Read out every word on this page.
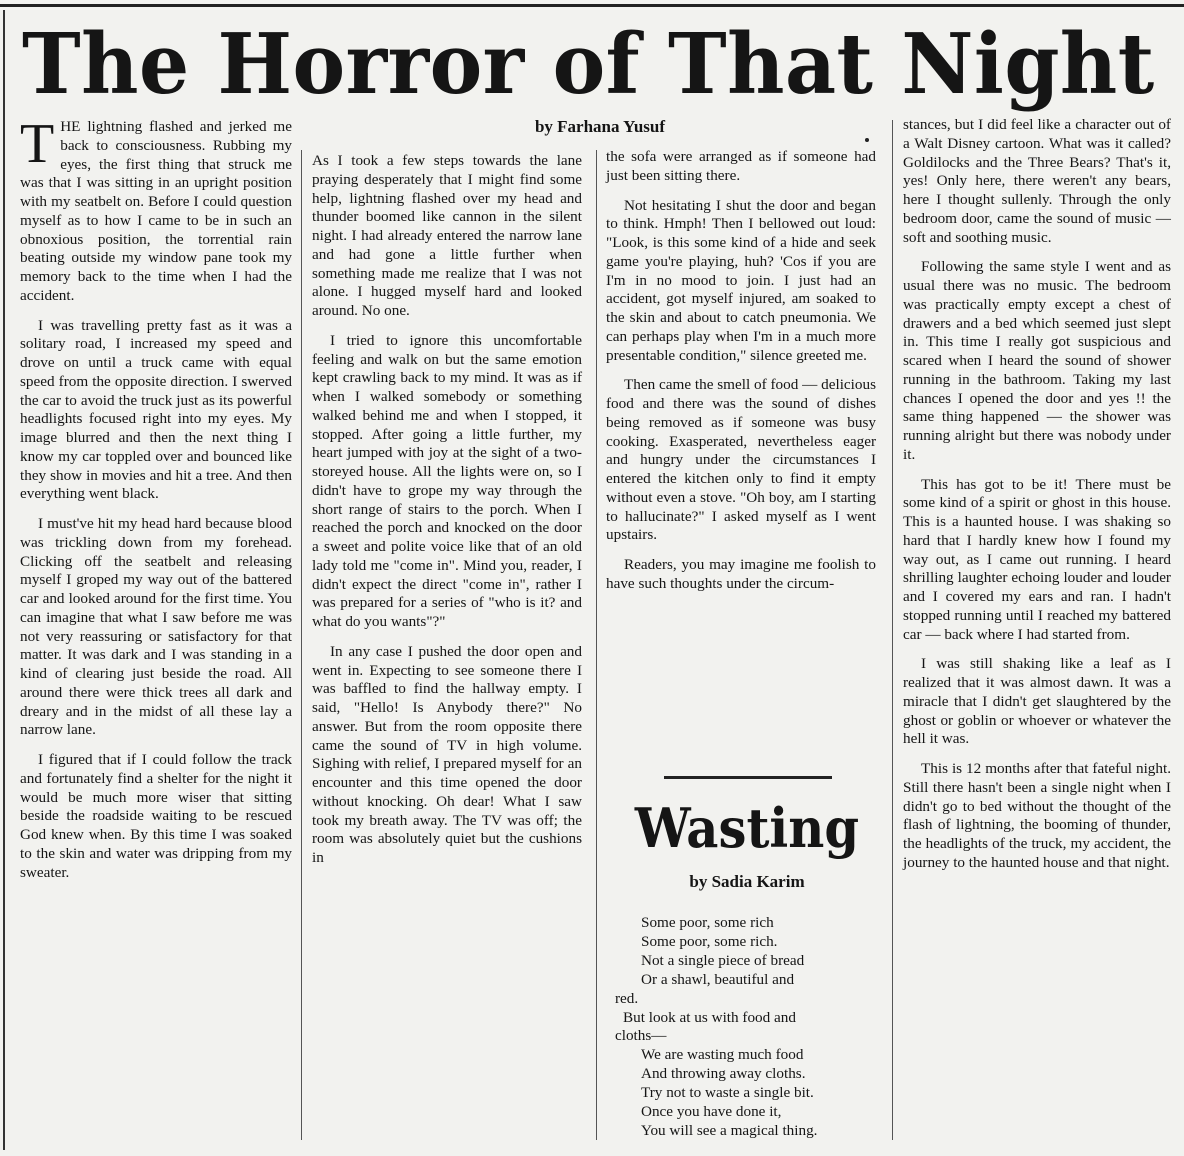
The Horror of That Night
by Farhana Yusuf

THE lightning flashed and jerked me back to consciousness. Rubbing my eyes, the first thing that struck me was that I was sitting in an upright position with my seatbelt on. Before I could question myself as to how I came to be in such an obnoxious position, the torrential rain beating outside my window pane took my memory back to the time when I had the accident.

I was travelling pretty fast as it was a solitary road, I increased my speed and drove on until a truck came with equal speed from the opposite direction. I swerved the car to avoid the truck just as its powerful headlights focused right into my eyes. My image blurred and then the next thing I know my car toppled over and bounced like they show in movies and hit a tree. And then everything went black.

I must've hit my head hard because blood was trickling down from my forehead. Clicking off the seatbelt and releasing myself I groped my way out of the battered car and looked around for the first time. You can imagine that what I saw before me was not very reassuring or satisfactory for that matter. It was dark and I was standing in a kind of clearing just beside the road. All around there were thick trees all dark and dreary and in the midst of all these lay a narrow lane.

I figured that if I could follow the track and fortunately find a shelter for the night it would be much more wiser that sitting beside the roadside waiting to be rescued God knew when. By this time I was soaked to the skin and water was dripping from my sweater.

As I took a few steps towards the lane praying desperately that I might find some help, lightning flashed over my head and thunder boomed like cannon in the silent night. I had already entered the narrow lane and had gone a little further when something made me realize that I was not alone. I hugged myself hard and looked around. No one.

I tried to ignore this uncomfortable feeling and walk on but the same emotion kept crawling back to my mind. It was as if when I walked somebody or something walked behind me and when I stopped, it stopped. After going a little further, my heart jumped with joy at the sight of a two-storeyed house. All the lights were on, so I didn't have to grope my way through the short range of stairs to the porch. When I reached the porch and knocked on the door a sweet and polite voice like that of an old lady told me "come in". Mind you, reader, I didn't expect the direct "come in", rather I was prepared for a series of "who is it? and what do you wants"?"

In any case I pushed the door open and went in. Expecting to see someone there I was baffled to find the hallway empty. I said, "Hello! Is Anybody there?" No answer. But from the room opposite there came the sound of TV in high volume. Sighing with relief, I prepared myself for an encounter and this time opened the door without knocking. Oh dear! What I saw took my breath away. The TV was off; the room was absolutely quiet but the cushions in

the sofa were arranged as if someone had just been sitting there.

Not hesitating I shut the door and began to think. Hmph! Then I bellowed out loud: "Look, is this some kind of a hide and seek game you're playing, huh? 'Cos if you are I'm in no mood to join. I just had an accident, got myself injured, am soaked to the skin and about to catch pneumonia. We can perhaps play when I'm in a much more presentable condition," silence greeted me.

Then came the smell of food — delicious food and there was the sound of dishes being removed as if someone was busy cooking. Exasperated, nevertheless eager and hungry under the circumstances I entered the kitchen only to find it empty without even a stove. "Oh boy, am I starting to hallucinate?" I asked myself as I went upstairs.

Readers, you may imagine me foolish to have such thoughts under the circum-

stances, but I did feel like a character out of a Walt Disney cartoon. What was it called? Goldilocks and the Three Bears? That's it, yes! Only here, there weren't any bears, here I thought sullenly. Through the only bedroom door, came the sound of music — soft and soothing music.

Following the same style I went and as usual there was no music. The bedroom was practically empty except a chest of drawers and a bed which seemed just slept in. This time I really got suspicious and scared when I heard the sound of shower running in the bathroom. Taking my last chances I opened the door and yes !! the same thing happened — the shower was running alright but there was nobody under it.

This has got to be it! There must be some kind of a spirit or ghost in this house. This is a haunted house. I was shaking so hard that I hardly knew how I found my way out, as I came out running. I heard shrilling laughter echoing louder and louder and I covered my ears and ran. I hadn't stopped running until I reached my battered car — back where I had started from.

I was still shaking like a leaf as I realized that it was almost dawn. It was a miracle that I didn't get slaughtered by the ghost or goblin or whoever or whatever the hell it was.

This is 12 months after that fateful night. Still there hasn't been a single night when I didn't go to bed without the thought of the flash of lightning, the booming of thunder, the headlights of the truck, my accident, the journey to the haunted house and that night.

Wasting
by Sadia Karim
Some poor, some rich
Some poor, some rich.
Not a single piece of bread
Or a shawl, beautiful and
red.
But look at us with food and
cloths—
We are wasting much food
And throwing away cloths.
Try not to waste a single bit.
Once you have done it,
You will see a magical thing.
